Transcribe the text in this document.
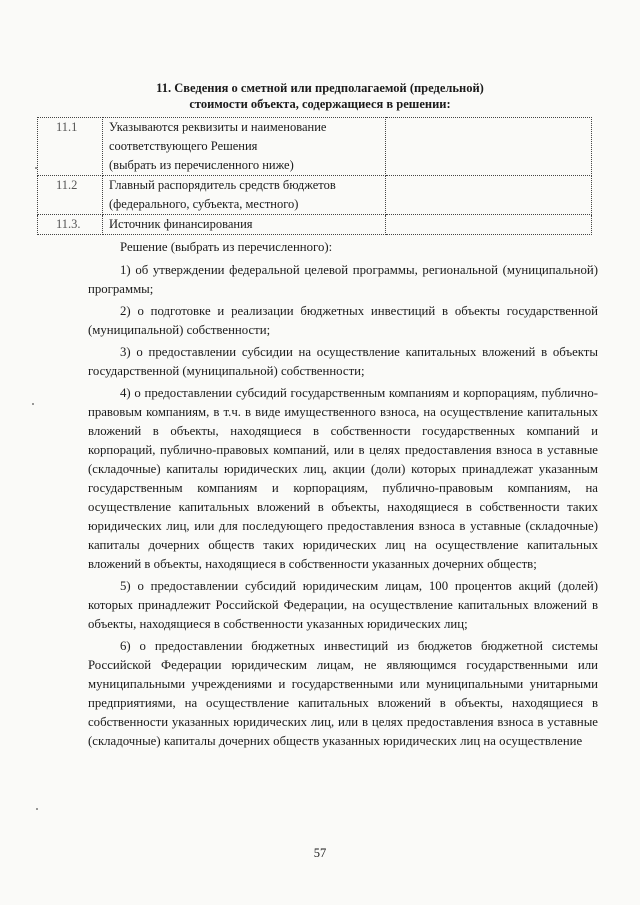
11. Сведения о сметной или предполагаемой (предельной)
стоимости объекта, содержащиеся в решении:
11.1	Указываются реквизиты и наименование
соответствующего Решения
(выбрать из перечисленного ниже)	

11.2	Главный распорядитель средств бюджетов
(федерального, субъекта, местного)	

11.3.	Источник финансирования	

Решение (выбрать из перечисленного):

1) об утверждении федеральной целевой программы, региональной (муниципальной) программы;

2) о подготовке и реализации бюджетных инвестиций в объекты государственной (муниципальной) собственности;

3) о предоставлении субсидии на осуществление капитальных вложений в объекты государственной (муниципальной) собственности;

4) о предоставлении субсидий государственным компаниям и корпорациям, публично-правовым компаниям, в т.ч. в виде имущественного взноса, на осуществление капитальных вложений в объекты, находящиеся в собственности государственных компаний и корпораций, публично-правовых компаний, или в целях предоставления взноса в уставные (складочные) капиталы юридических лиц, акции (доли) которых принадлежат указанным государственным компаниям и корпорациям, публично-правовым компаниям, на осуществление капитальных вложений в объекты, находящиеся в собственности таких юридических лиц, или для последующего предоставления взноса в уставные (складочные) капиталы дочерних обществ таких юридических лиц на осуществление капитальных вложений в объекты, находящиеся в собственности указанных дочерних обществ;

5) о предоставлении субсидий юридическим лицам, 100 процентов акций (долей) которых принадлежит Российской Федерации, на осуществление капитальных вложений в объекты, находящиеся в собственности указанных юридических лиц;

6) о предоставлении бюджетных инвестиций из бюджетов бюджетной системы Российской Федерации юридическим лицам, не являющимся государственными или муниципальными учреждениями и государственными или муниципальными унитарными предприятиями, на осуществление капитальных вложений в объекты, находящиеся в собственности указанных юридических лиц, или в целях предоставления взноса в уставные (складочные) капиталы дочерних обществ указанных юридических лиц на осуществление

57
